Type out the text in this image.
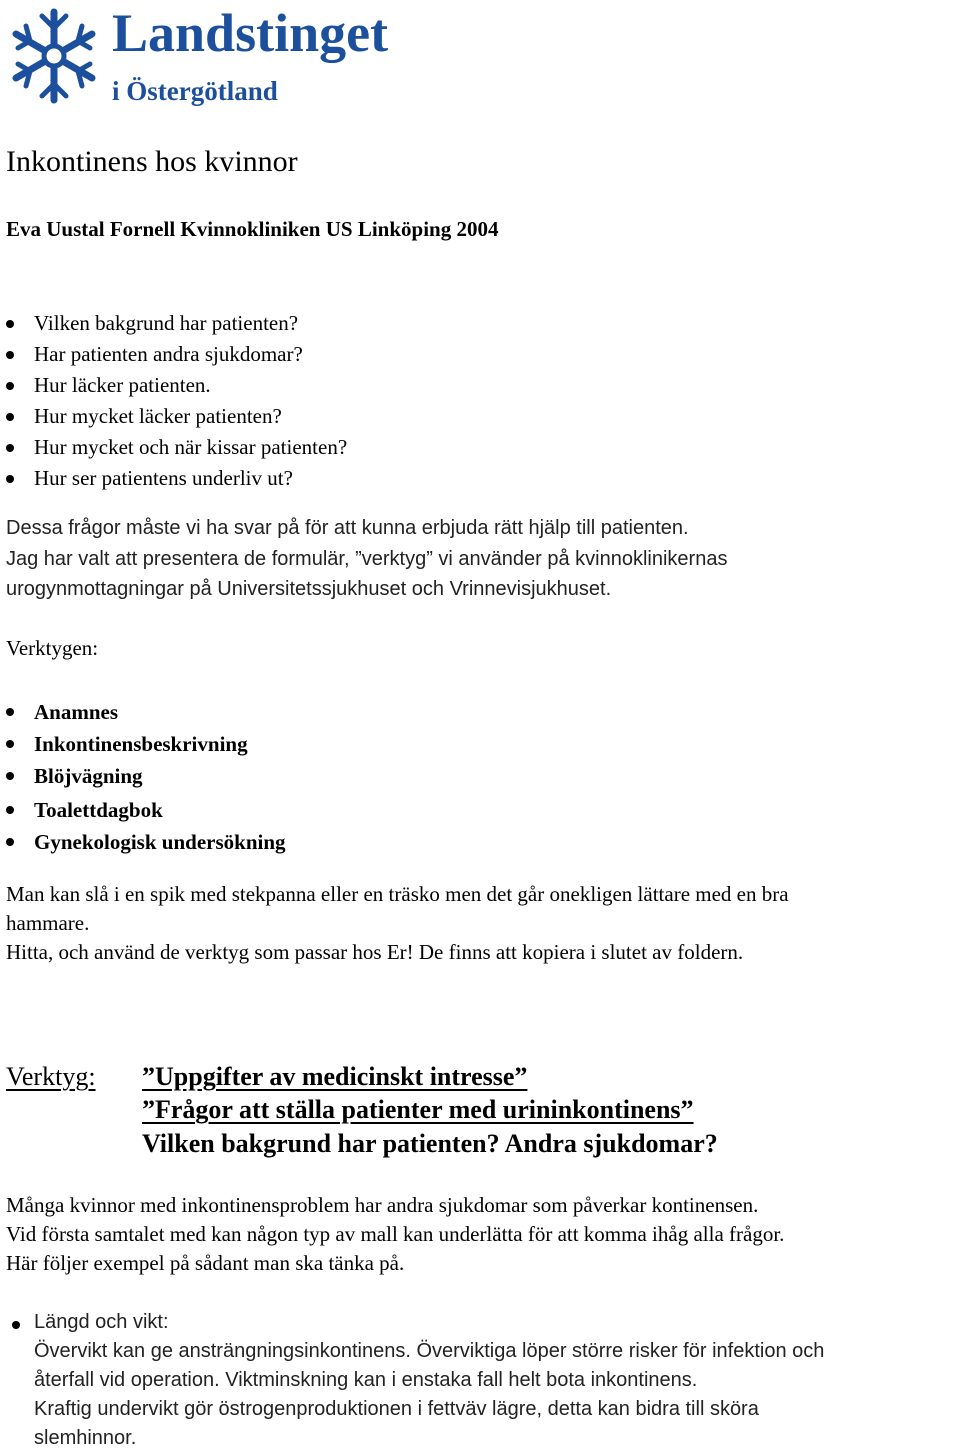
Landstinget
i Östergötland
Inkontinens hos kvinnor
Eva Uustal Fornell Kvinnokliniken US Linköping 2004
Vilken bakgrund har patienten?
Har patienten andra sjukdomar?
Hur läcker patienten.
Hur mycket läcker patienten?
Hur mycket och när kissar patienten?
Hur ser patientens underliv ut?
Dessa frågor måste vi ha svar på för att kunna erbjuda rätt hjälp till patienten.
Jag har valt att presentera de formulär, ”verktyg” vi använder på kvinnoklinikernas
urogynmottagningar på Universitetssjukhuset och Vrinnevisjukhuset.
Verktygen:
Anamnes
Inkontinensbeskrivning
Blöjvägning
Toalettdagbok
Gynekologisk undersökning
Man kan slå i en spik med stekpanna eller en träsko men det går onekligen lättare med en bra
hammare.
Hitta, och använd de verktyg som passar hos Er! De finns att kopiera i slutet av foldern.
Verktyg: ”Uppgifter av medicinskt intresse”
”Frågor att ställa patienter med urininkontinens”
Vilken bakgrund har patienten? Andra sjukdomar?
Många kvinnor med inkontinensproblem har andra sjukdomar som påverkar kontinensen.
Vid första samtalet med kan någon typ av mall kan underlätta för att komma ihåg alla frågor.
Här följer exempel på sådant man ska tänka på.
Längd och vikt:
Övervikt kan ge ansträngningsinkontinens. Överviktiga löper större risker för infektion och
återfall vid operation. Viktminskning kan i enstaka fall helt bota inkontinens.
Kraftig undervikt gör östrogenproduktionen i fettväv lägre, detta kan bidra till sköra
slemhinnor.
